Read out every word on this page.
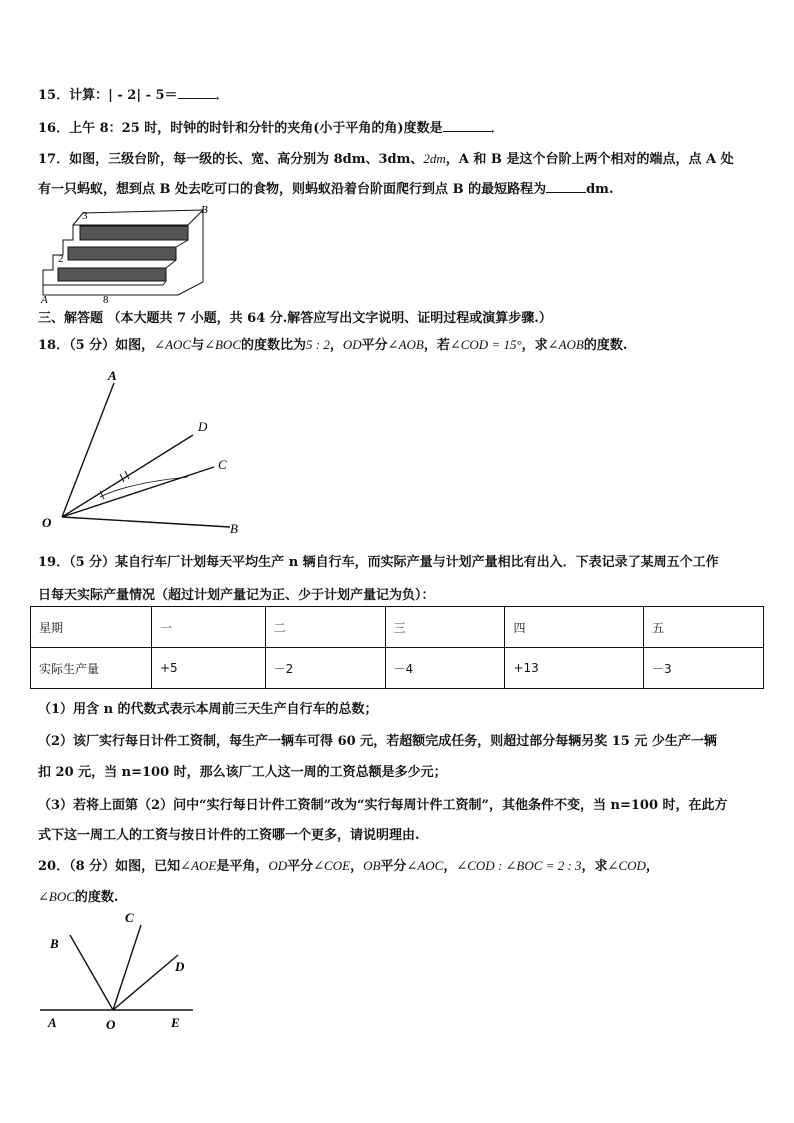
15．计算：| - 2| - 5＝	．
16．上午 8：25 时，时钟的时针和分针的夹角(小于平角的角)度数是	．
17．如图，三级台阶，每一级的长、宽、高分别为 8dm、3dm、2dm，A 和 B 是这个台阶上两个相对的端点，点 A 处
有一只蚂蚁，想到点 B 处去吃可口的食物，则蚂蚁沿着台阶面爬行到点 B 的最短路程为	dm.
3
2
8
A
B
三、解答题 （本大题共 7 小题，共 64 分.解答应写出文字说明、证明过程或演算步骤.）
18．（5 分）如图，∠AOC与∠BOC的度数比为5 : 2，OD平分∠AOB，若∠COD = 15°，求∠AOB的度数.
A
D
C
O	B
19．（5 分）某自行车厂计划每天平均生产 n 辆自行车，而实际产量与计划产量相比有出入．下表记录了某周五个工作
日每天实际产量情况（超过计划产量记为正、少于计划产量记为负）：
星期	一	二	三	四	五
实际生产量	+5	－2	－4	+13	－3
（1）用含 n 的代数式表示本周前三天生产自行车的总数；
（2）该厂实行每日计件工资制，每生产一辆车可得 60 元，若超额完成任务，则超过部分每辆另奖 15 元 少生产一辆
扣 20 元，当 n=100 时，那么该厂工人这一周的工资总额是多少元；
（3）若将上面第（2）问中“实行每日计件工资制”改为“实行每周计件工资制”，其他条件不变，当 n=100 时，在此方
式下这一周工人的工资与按日计件的工资哪一个更多，请说明理由.
20．（8 分）如图，已知∠AOE是平角，OD平分∠COE，OB平分∠AOC，∠COD : ∠BOC = 2 : 3，求∠COD，
∠BOC的度数.
B
C
D
A	O	E
